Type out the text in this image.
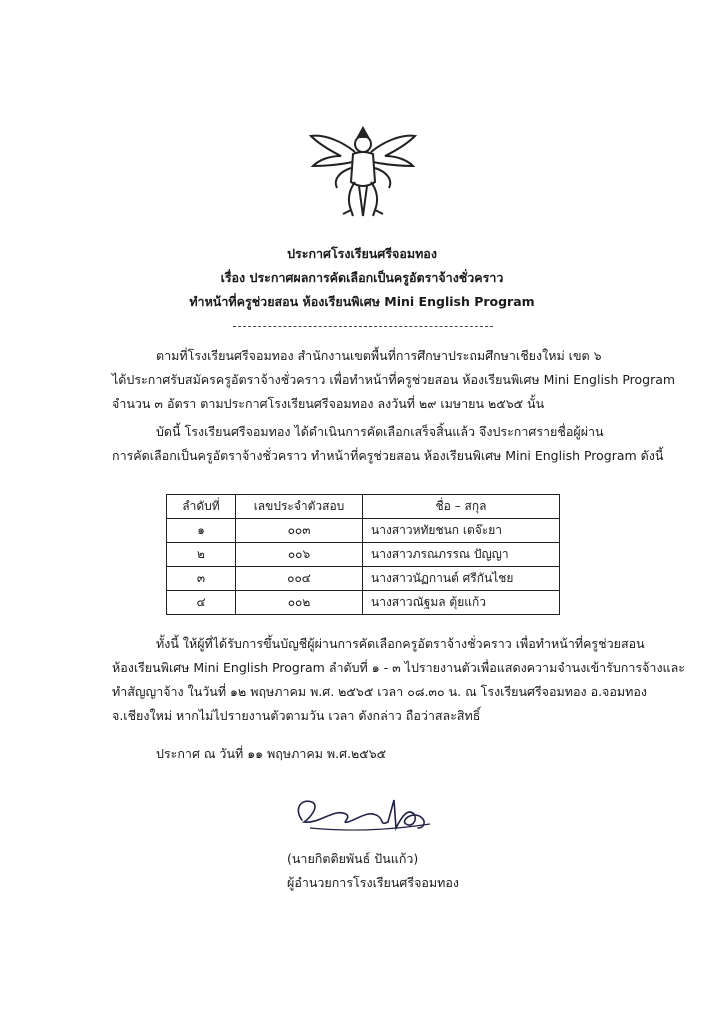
ประกาศโรงเรียนศรีจอมทอง
เรื่อง ประกาศผลการคัดเลือกเป็นครูอัตราจ้างชั่วคราว
ทำหน้าที่ครูช่วยสอน ห้องเรียนพิเศษ Mini English Program
ตามที่โรงเรียนศรีจอมทอง สำนักงานเขตพื้นที่การศึกษาประถมศึกษาเชียงใหม่ เขต ๖
ได้ประกาศรับสมัครครูอัตราจ้างชั่วคราว เพื่อทำหน้าที่ครูช่วยสอน ห้องเรียนพิเศษ Mini English Program
จำนวน ๓ อัตรา ตามประกาศโรงเรียนศรีจอมทอง ลงวันที่ ๒๙ เมษายน ๒๕๖๕ นั้น
บัดนี้ โรงเรียนศรีจอมทอง ได้ดำเนินการคัดเลือกเสร็จสิ้นแล้ว จึงประกาศรายชื่อผู้ผ่าน
การคัดเลือกเป็นครูอัตราจ้างชั่วคราว ทำหน้าที่ครูช่วยสอน ห้องเรียนพิเศษ Mini English Program ดังนี้
ลำดับที่	เลขประจำตัวสอบ	ชื่อ – สกุล
๑	๐๐๓	นางสาวหทัยชนก เตจ๊ะยา
๒	๐๐๖	นางสาวภรณภรรณ ปัญญา
๓	๐๐๔	นางสาวนัฏกานต์ ศรีกันไชย
๔	๐๐๒	นางสาวณัฐมล ตุ้ยแก้ว
ทั้งนี้ ให้ผู้ที่ได้รับการขึ้นบัญชีผู้ผ่านการคัดเลือกครูอัตราจ้างชั่วคราว เพื่อทำหน้าที่ครูช่วยสอน
ห้องเรียนพิเศษ Mini English Program ลำดับที่ ๑ - ๓ ไปรายงานตัวเพื่อแสดงความจำนงเข้ารับการจ้างและ
ทำสัญญาจ้าง ในวันที่ ๑๒ พฤษภาคม พ.ศ. ๒๕๖๕ เวลา ๐๘.๓๐ น. ณ โรงเรียนศรีจอมทอง อ.จอมทอง
จ.เชียงใหม่ หากไม่ไปรายงานตัวตามวัน เวลา ดังกล่าว ถือว่าสละสิทธิ์
ประกาศ ณ วันที่ ๑๑ พฤษภาคม พ.ศ.๒๕๖๕
(นายกิตติยพันธ์ ปันแก้ว)
ผู้อำนวยการโรงเรียนศรีจอมทอง
